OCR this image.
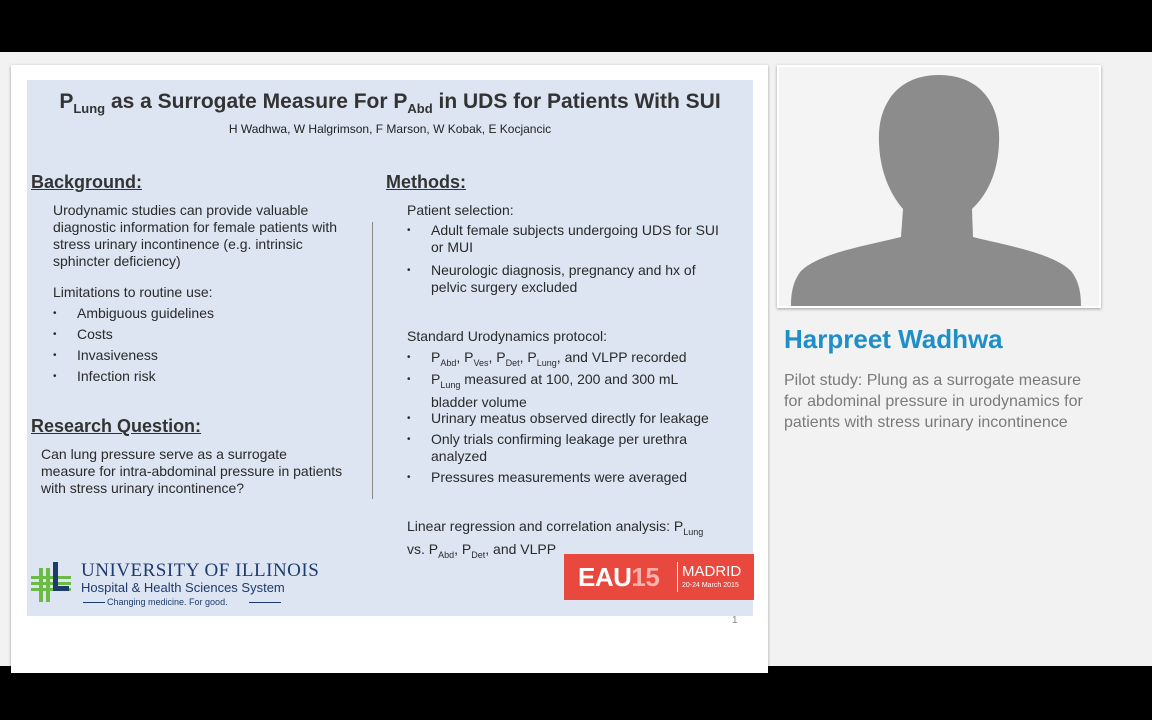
$P_{Lung}$ as a Surrogate Measure For $P_{Abd}$ in UDS for Patients With SUI
H Wadhwa, W Halgrimson, F Marson, W Kobak, E Kocjancic
Background:
Urodynamic studies can provide valuable
diagnostic information for female patients with
stress urinary incontinence (e.g. intrinsic
sphincter deficiency)
Limitations to routine use:
• Ambiguous guidelines
• Costs
• Invasiveness
• Infection risk
Research Question:
Can lung pressure serve as a surrogate
measure for intra-abdominal pressure in patients
with stress urinary incontinence?
Methods:
Patient selection:
• Adult female subjects undergoing UDS for SUI
or MUI
• Neurologic diagnosis, pregnancy and hx of
pelvic surgery excluded
Standard Urodynamics protocol:
• $P_{Abd}$, $P_{Ves}$, $P_{Det}$, $P_{Lung}$, and VLPP recorded
• $P_{Lung}$ measured at 100, 200 and 300 mL
bladder volume
• Urinary meatus observed directly for leakage
• Only trials confirming leakage per urethra
analyzed
• Pressures measurements were averaged
Linear regression and correlation analysis: $P_{Lung}$
vs. $P_{Abd}$, $P_{Det}$, and VLPP
UNIVERSITY OF ILLINOIS
Hospital & Health Sciences System
Changing medicine. For good.
EAU15 MADRID
20-24 March 2015
1
Harpreet Wadhwa
Pilot study: Plung as a surrogate measure for abdominal pressure in urodynamics for patients with stress urinary incontinence
